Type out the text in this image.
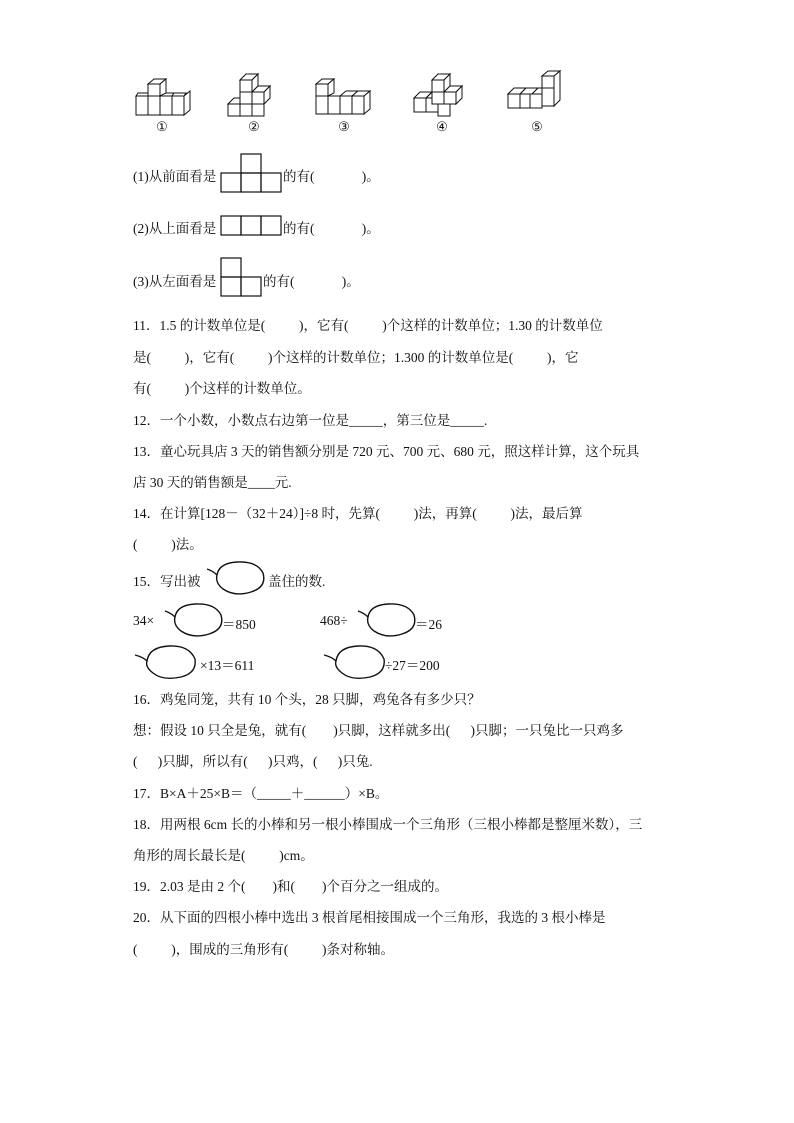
①	②	③	④	⑤
(1)从前面看是	的有(	)。
(2)从上面看是	的有(	)。
(3)从左面看是	的有(	)。
11．1.5 的计数单位是(          )，它有(          )个这样的计数单位；1.30 的计数单位
是(          )，它有(          )个这样的计数单位；1.300 的计数单位是(          )，它
有(          )个这样的计数单位。
12．一个小数，小数点右边第一位是_____，第三位是_____.
13．童心玩具店 3 天的销售额分别是 720 元、700 元、680 元，照这样计算，这个玩具
店 30 天的销售额是____元.
14．在计算[128－（32＋24）]÷8 时，先算(          )法，再算(          )法，最后算
(          )法。
15．写出被	盖住的数.
34×	＝850	468÷	＝26
×13＝611	÷27＝200
16．鸡兔同笼，共有 10 个头，28 只脚，鸡兔各有多少只？
想：假设 10 只全是兔，就有(        )只脚，这样就多出(      )只脚；一只兔比一只鸡多
(      )只脚，所以有(      )只鸡，(      )只兔.
17．B×A＋25×B＝（_____＋______）×B。
18．用两根 6cm 长的小棒和另一根小棒围成一个三角形（三根小棒都是整厘米数），三
角形的周长最长是(          )cm。
19．2.03 是由 2 个(        )和(        )个百分之一组成的。
20．从下面的四根小棒中选出 3 根首尾相接围成一个三角形，我选的 3 根小棒是
(          )，围成的三角形有(          )条对称轴。
